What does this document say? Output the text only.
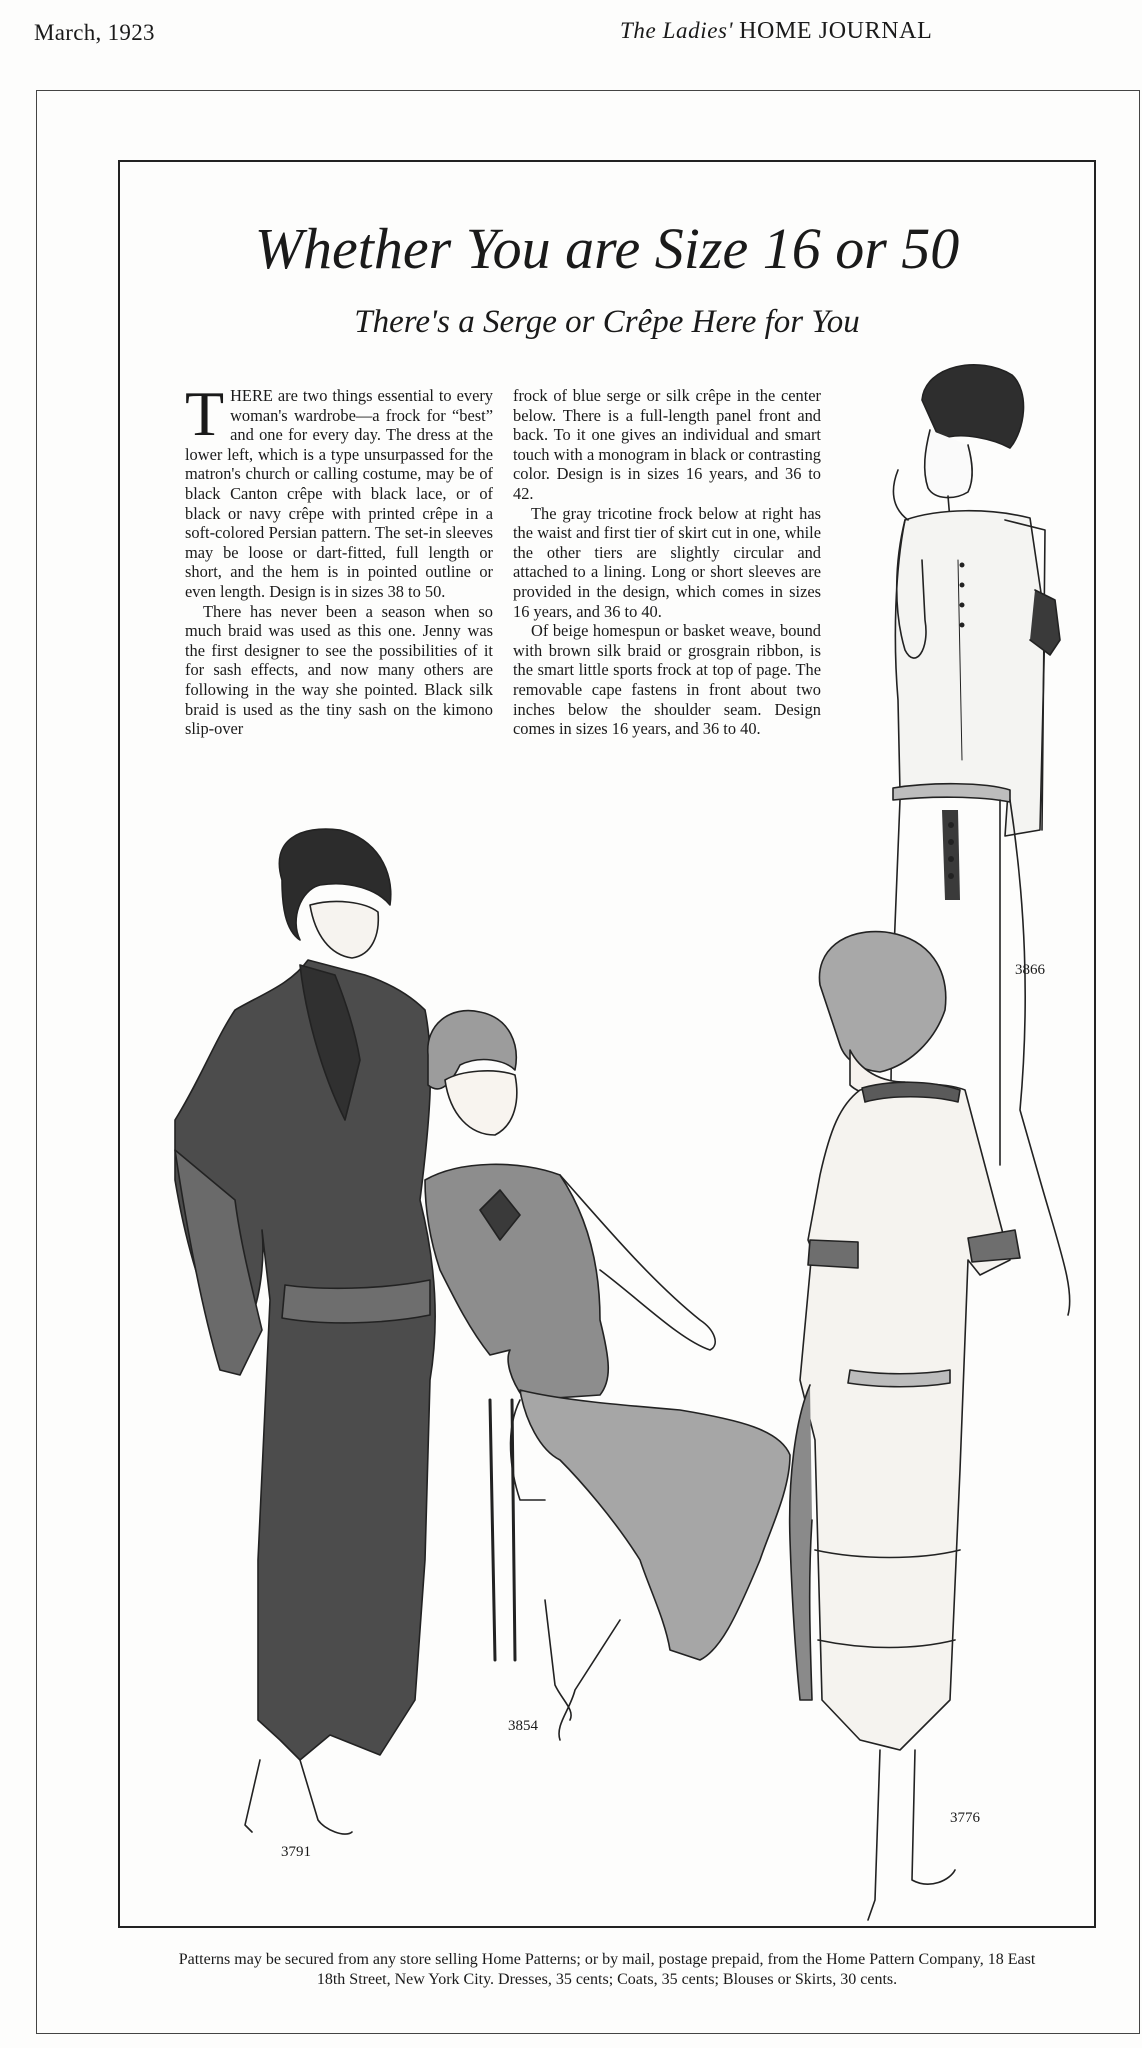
March, 1923	The Ladies' HOME JOURNAL
Whether You are Size 16 or 50
There's a Serge or Crêpe Here for You

THERE are two things essential to every woman's wardrobe—a frock for “best” and one for every day. The dress at the lower left, which is a type unsurpassed for the matron's church or calling costume, may be of black Canton crêpe with black lace, or of black or navy crêpe with printed crêpe in a soft-colored Persian pattern. The set-in sleeves may be loose or dart-fitted, full length or short, and the hem is in pointed outline or even length. Design is in sizes 38 to 50.

There has never been a season when so much braid was used as this one. Jenny was the first designer to see the possibilities of it for sash effects, and now many others are following in the way she pointed. Black silk braid is used as the tiny sash on the kimono slip-over

frock of blue serge or silk crêpe in the center below. There is a full-length panel front and back. To it one gives an individual and smart touch with a monogram in black or contrasting color. Design is in sizes 16 years, and 36 to 42.

The gray tricotine frock below at right has the waist and first tier of skirt cut in one, while the other tiers are slightly circular and attached to a lining. Long or short sleeves are provided in the design, which comes in sizes 16 years, and 36 to 40.

Of beige homespun or basket weave, bound with brown silk braid or grosgrain ribbon, is the smart little sports frock at top of page. The removable cape fastens in front about two inches below the shoulder seam. Design comes in sizes 16 years, and 36 to 40.

3866
3854
3791
3776
Patterns may be secured from any store selling Home Patterns; or by mail, postage prepaid, from the Home Pattern Company, 18 East
18th Street, New York City. Dresses, 35 cents; Coats, 35 cents; Blouses or Skirts, 30 cents.
